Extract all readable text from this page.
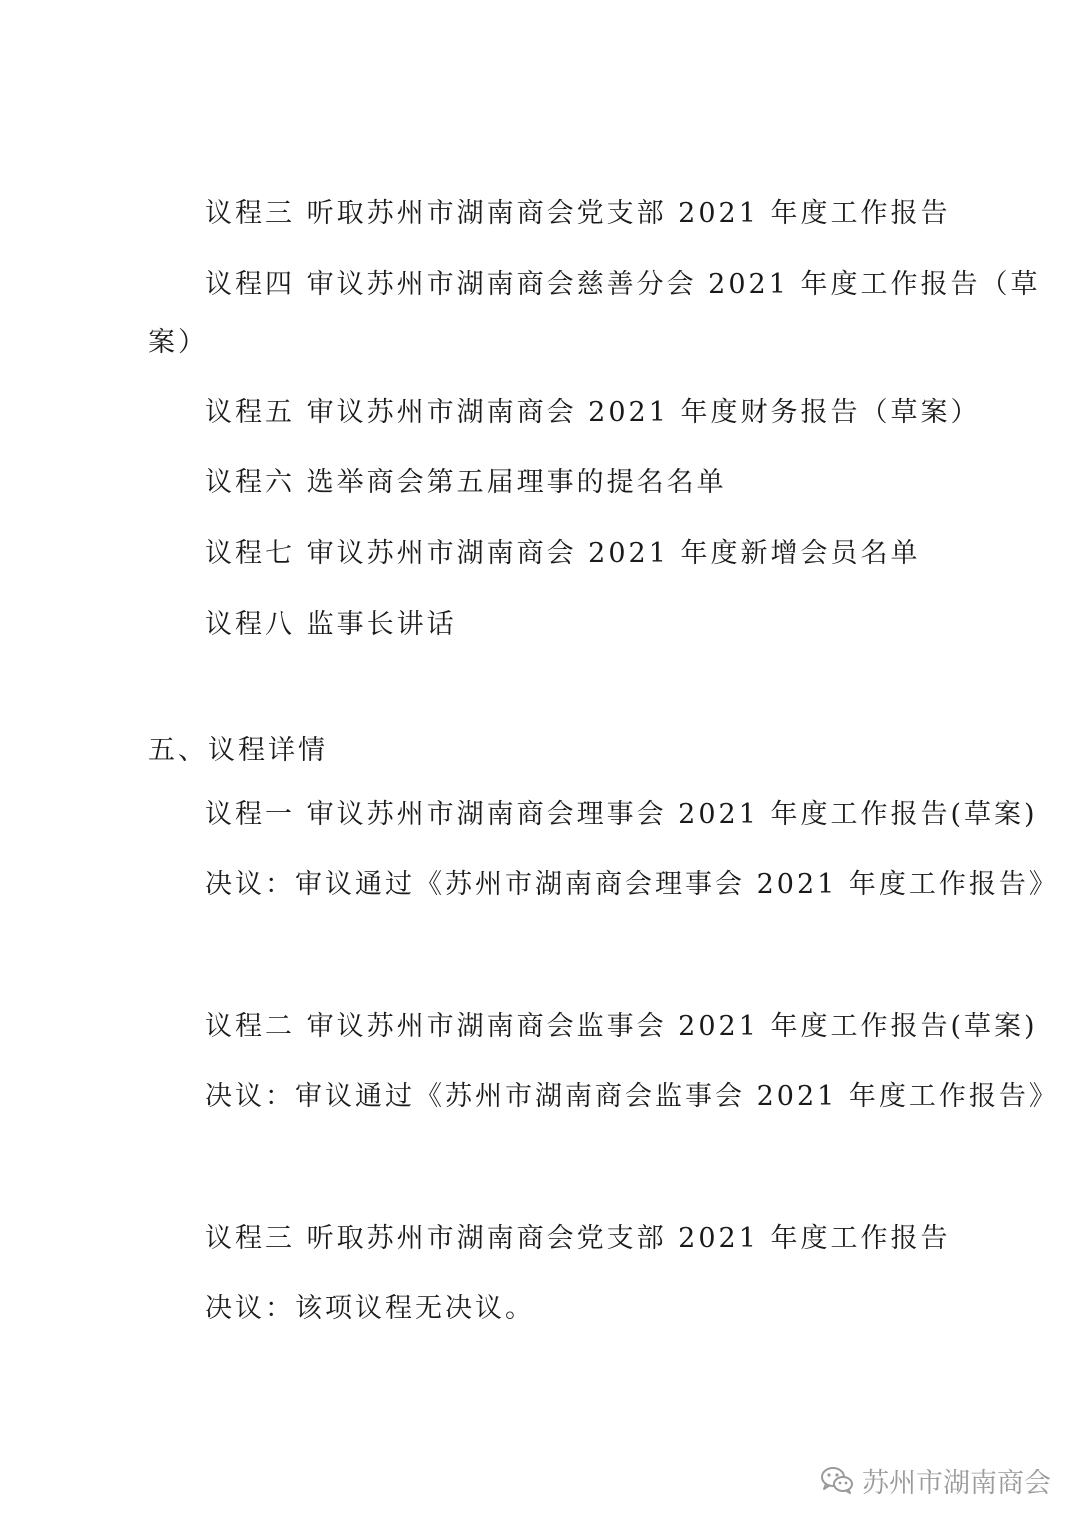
议程三 听取苏州市湖南商会党支部 2021 年度工作报告
议程四 审议苏州市湖南商会慈善分会 2021 年度工作报告（草
案）
议程五 审议苏州市湖南商会 2021 年度财务报告（草案）
议程六 选举商会第五届理事的提名名单
议程七 审议苏州市湖南商会 2021 年度新增会员名单
议程八 监事长讲话
五、议程详情
议程一 审议苏州市湖南商会理事会 2021 年度工作报告(草案)
决议：审议通过《苏州市湖南商会理事会 2021 年度工作报告》
议程二 审议苏州市湖南商会监事会 2021 年度工作报告(草案)
决议：审议通过《苏州市湖南商会监事会 2021 年度工作报告》
议程三 听取苏州市湖南商会党支部 2021 年度工作报告
决议：该项议程无决议。
苏州市湖南商会
